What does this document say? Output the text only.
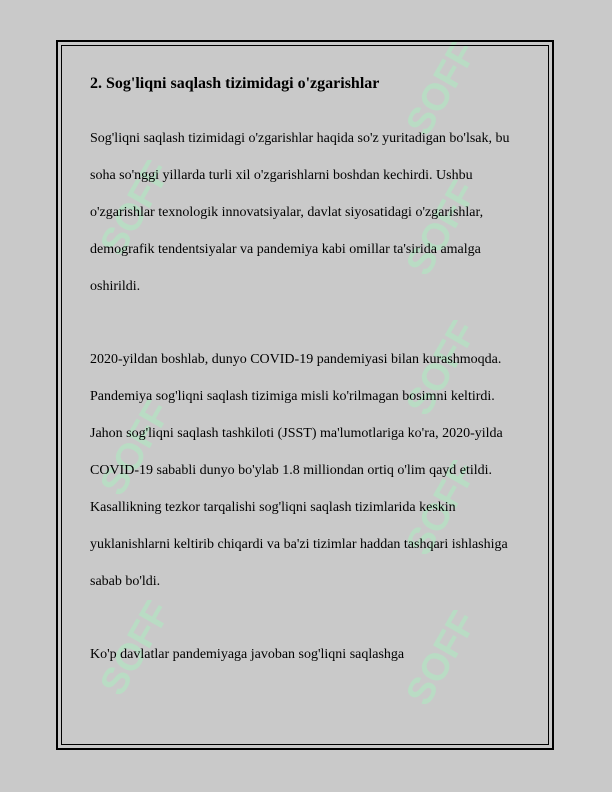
SOFF
SOFF
SOFF
SOFF
SOFF
SOFF
SOFF
SOFF
2. Sog'liqni saqlash tizimidagi o'zgarishlar

Sog'liqni saqlash tizimidagi o'zgarishlar haqida so'z yuritadigan bo'lsak, bu soha so'nggi yillarda turli xil o'zgarishlarni boshdan kechirdi. Ushbu o'zgarishlar texnologik innovatsiyalar, davlat siyosatidagi o'zgarishlar, demografik tendentsiyalar va pandemiya kabi omillar ta'sirida amalga oshirildi.

2020-yildan boshlab, dunyo COVID-19 pandemiyasi bilan kurashmoqda. Pandemiya sog'liqni saqlash tizimiga misli ko'rilmagan bosimni keltirdi. Jahon sog'liqni saqlash tashkiloti (JSST) ma'lumotlariga ko'ra, 2020-yilda COVID-19 sababli dunyo bo'ylab 1.8 milliondan ortiq o'lim qayd etildi. Kasallikning tezkor tarqalishi sog'liqni saqlash tizimlarida keskin yuklanishlarni keltirib chiqardi va ba'zi tizimlar haddan tashqari ishlashiga sabab bo'ldi.

Ko'p davlatlar pandemiyaga javoban sog'liqni saqlashga
